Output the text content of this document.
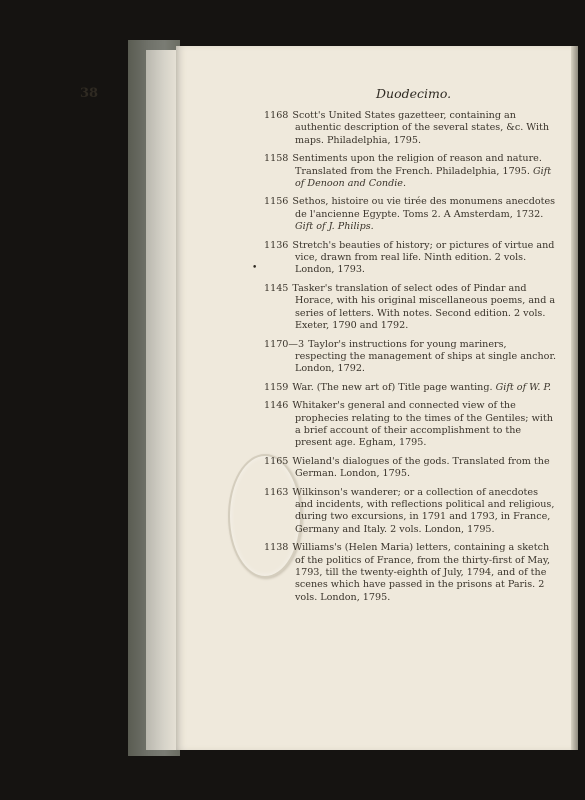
38	Duodecimo.
•
1168 Scott's United States gazetteer, containing an authentic description of the several states, &c. With maps. Philadelphia, 1795.
1158 Sentiments upon the religion of reason and nature. Translated from the French. Philadelphia, 1795. Gift of Denoon and Condie.
1156 Sethos, histoire ou vie tirée des monumens anecdotes de l'ancienne Egypte. Toms 2. A Amsterdam, 1732. Gift of J. Philips.
1136 Stretch's beauties of history; or pictures of virtue and vice, drawn from real life. Ninth edition. 2 vols. London, 1793.
1145 Tasker's translation of select odes of Pindar and Horace, with his original miscellaneous poems, and a series of letters. With notes. Second edition. 2 vols. Exeter, 1790 and 1792.
1170—3 Taylor's instructions for young mariners, respecting the management of ships at single anchor. London, 1792.
1159 War. (The new art of) Title page wanting. Gift of W. P.
1146 Whitaker's general and connected view of the prophecies relating to the times of the Gentiles; with a brief account of their accomplishment to the present age. Egham, 1795.
1165 Wieland's dialogues of the gods. Translated from the German. London, 1795.
1163 Wilkinson's wanderer; or a collection of anecdotes and incidents, with reflections political and religious, during two excursions, in 1791 and 1793, in France, Germany and Italy. 2 vols. London, 1795.
1138 Williams's (Helen Maria) letters, containing a sketch of the politics of France, from the thirty-first of May, 1793, till the twenty-eighth of July, 1794, and of the scenes which have passed in the prisons at Paris. 2 vols. London, 1795.
